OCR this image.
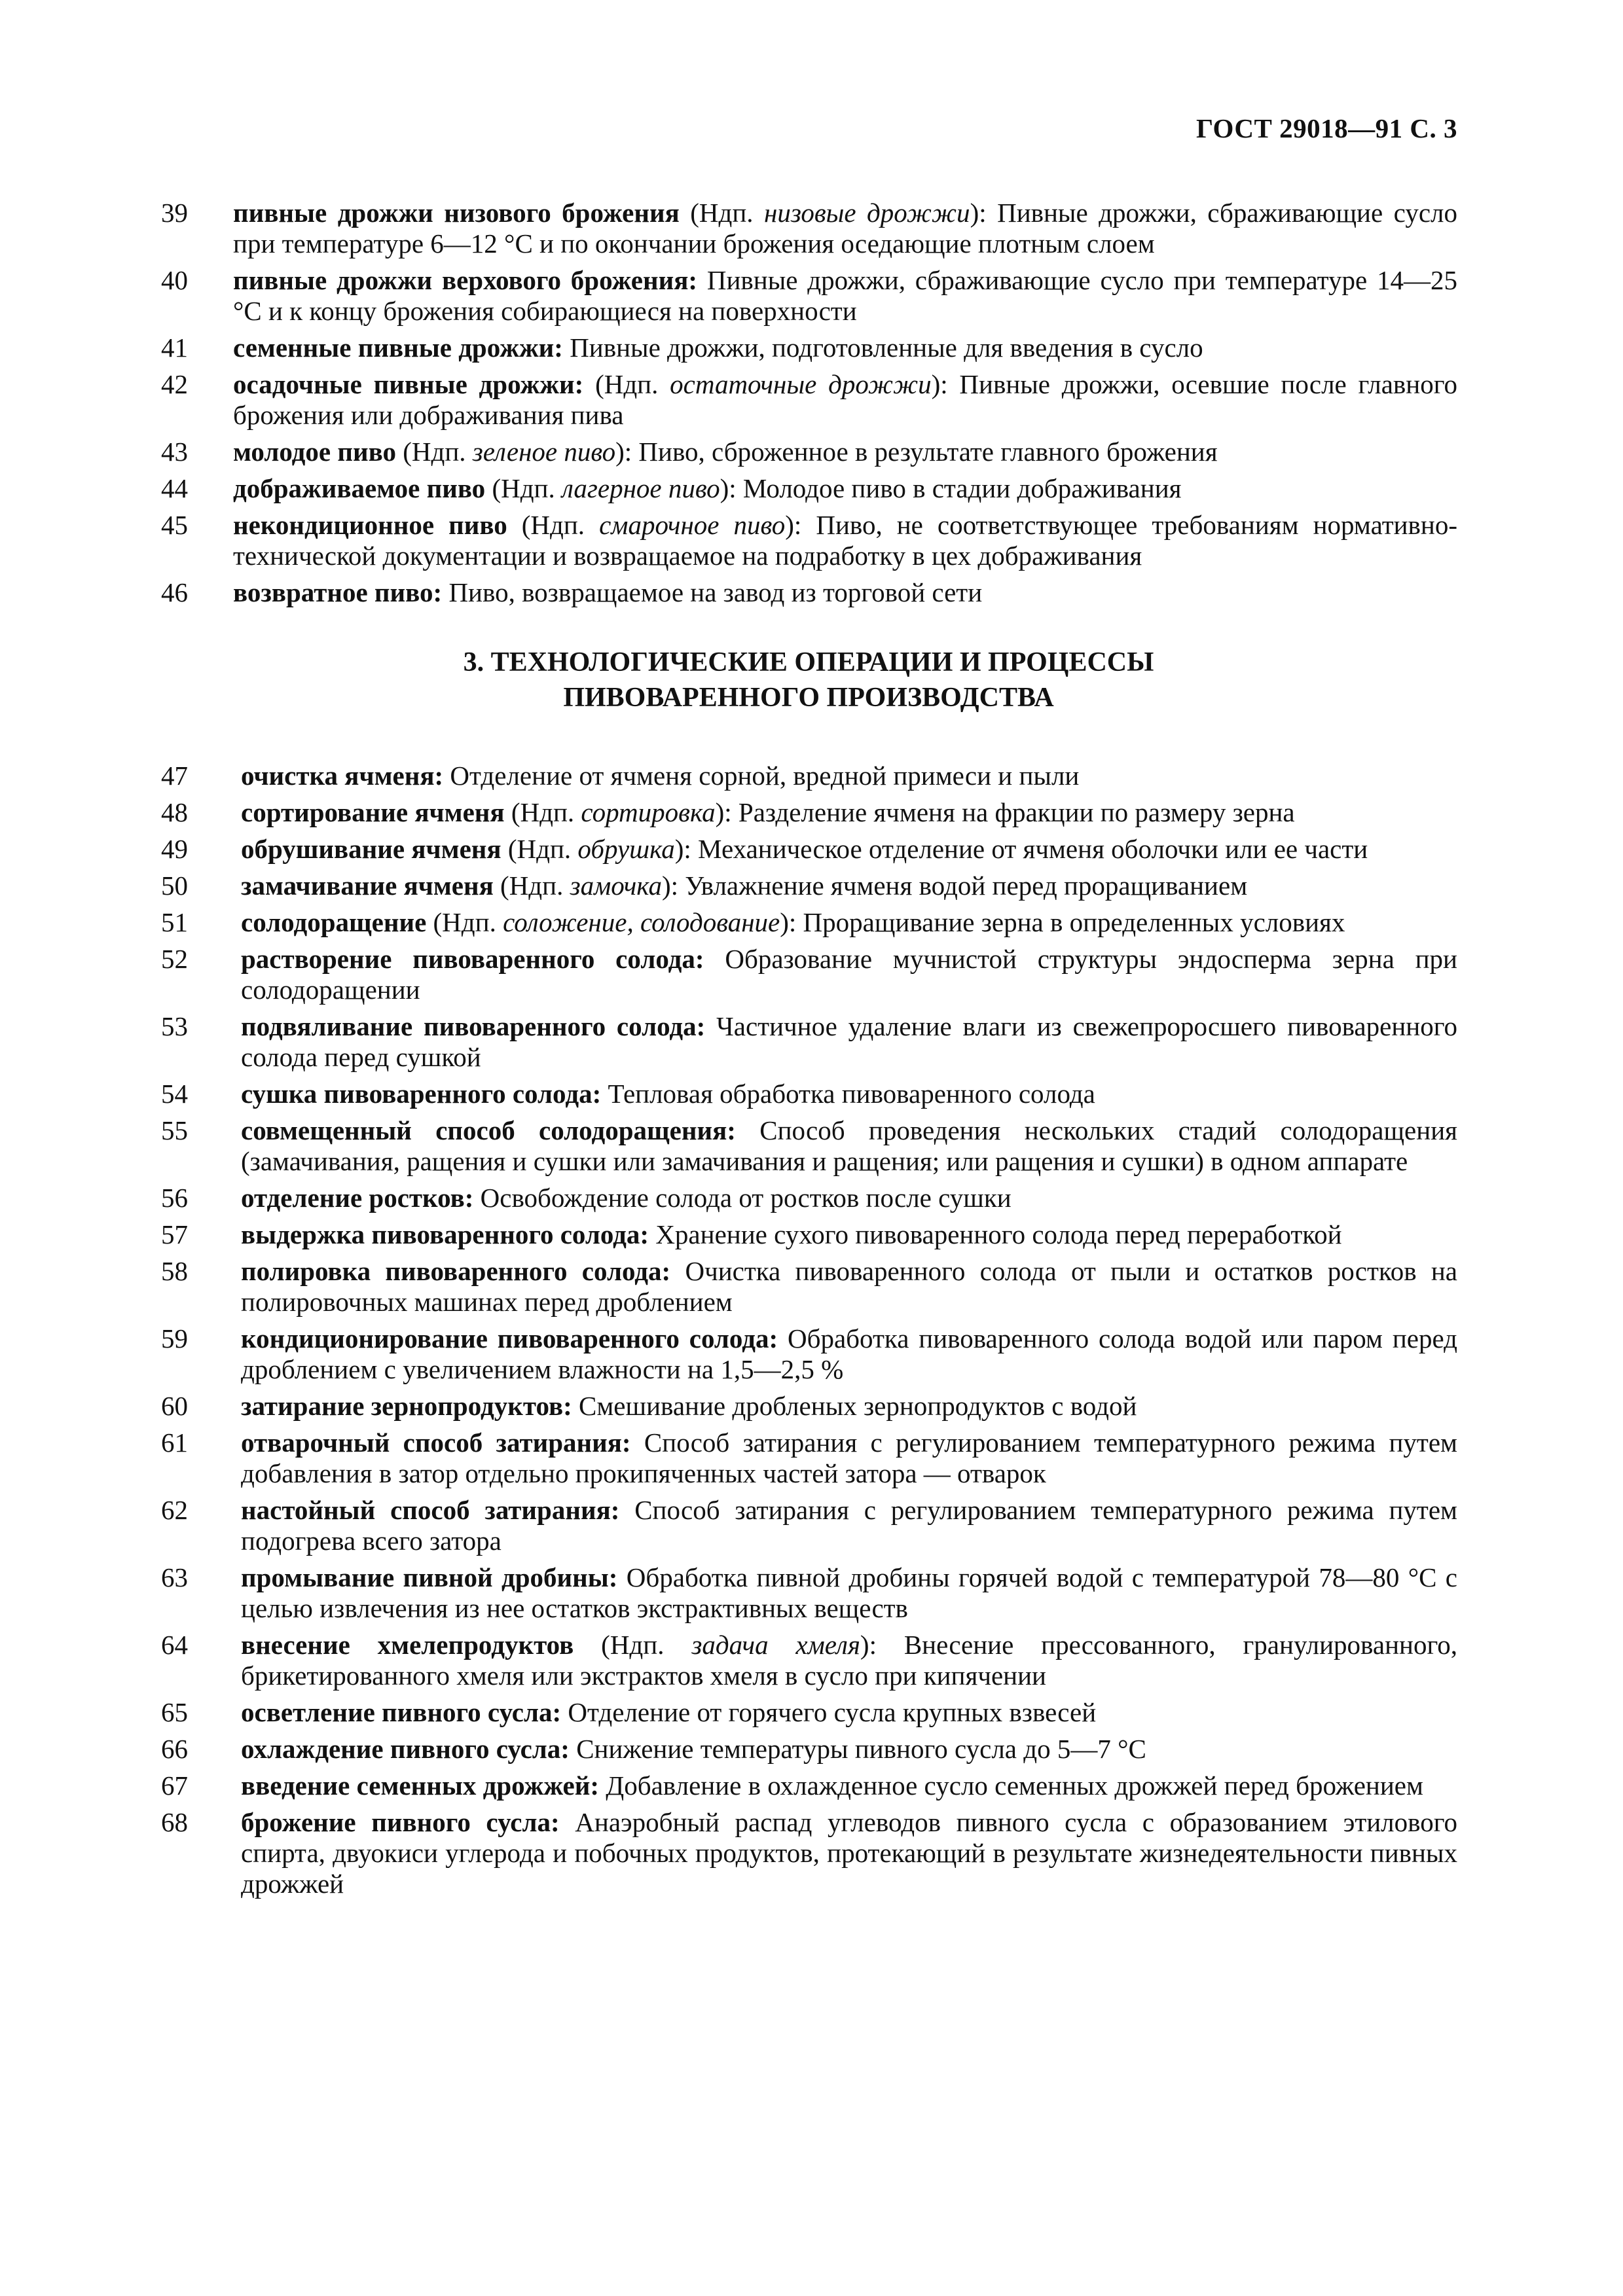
ГОСТ 29018—91 С. 3
39	пивные дрожжи низового брожения (Ндп. низовые дрожжи): Пивные дрожжи, сбраживающие сусло при температуре 6—12 °С и по окончании брожения оседающие плотным слоем
40	пивные дрожжи верхового брожения: Пивные дрожжи, сбраживающие сусло при температуре 14—25 °С и к концу брожения собирающиеся на поверхности
41	семенные пивные дрожжи: Пивные дрожжи, подготовленные для введения в сусло
42	осадочные пивные дрожжи: (Ндп. остаточные дрожжи): Пивные дрожжи, осевшие после главного брожения или дображивания пива
43	молодое пиво (Ндп. зеленое пиво): Пиво, сброженное в результате главного брожения
44	дображиваемое пиво (Ндп. лагерное пиво): Молодое пиво в стадии дображивания
45	некондиционное пиво (Ндп. смарочное пиво): Пиво, не соответствующее требованиям нормативно-технической документации и возвращаемое на подработку в цех дображивания
46	возвратное пиво: Пиво, возвращаемое на завод из торговой сети
3. ТЕХНОЛОГИЧЕСКИЕ ОПЕРАЦИИ И ПРОЦЕССЫ
ПИВОВАРЕННОГО ПРОИЗВОДСТВА
47	очистка ячменя: Отделение от ячменя сорной, вредной примеси и пыли
48	сортирование ячменя (Ндп. сортировка): Разделение ячменя на фракции по размеру зерна
49	обрушивание ячменя (Ндп. обрушка): Механическое отделение от ячменя оболочки или ее части
50	замачивание ячменя (Ндп. замочка): Увлажнение ячменя водой перед проращиванием
51	солодоращение (Ндп. соложение, солодование): Проращивание зерна в определенных условиях
52	растворение пивоваренного солода: Образование мучнистой структуры эндосперма зерна при солодоращении
53	подвяливание пивоваренного солода: Частичное удаление влаги из свежепроросшего пивоваренного солода перед сушкой
54	сушка пивоваренного солода: Тепловая обработка пивоваренного солода
55	совмещенный способ солодоращения: Способ проведения нескольких стадий солодоращения (замачивания, ращения и сушки или замачивания и ращения; или ращения и сушки) в одном аппарате
56	отделение ростков: Освобождение солода от ростков после сушки
57	выдержка пивоваренного солода: Хранение сухого пивоваренного солода перед переработкой
58	полировка пивоваренного солода: Очистка пивоваренного солода от пыли и остатков ростков на полировочных машинах перед дроблением
59	кондиционирование пивоваренного солода: Обработка пивоваренного солода водой или паром перед дроблением с увеличением влажности на 1,5—2,5 %
60	затирание зернопродуктов: Смешивание дробленых зернопродуктов с водой
61	отварочный способ затирания: Способ затирания с регулированием температурного режима путем добавления в затор отдельно прокипяченных частей затора — отварок
62	настойный способ затирания: Способ затирания с регулированием температурного режима путем подогрева всего затора
63	промывание пивной дробины: Обработка пивной дробины горячей водой с температурой 78—80 °С с целью извлечения из нее остатков экстрактивных веществ
64	внесение хмелепродуктов (Ндп. задача хмеля): Внесение прессованного, гранулированного, брикетированного хмеля или экстрактов хмеля в сусло при кипячении
65	осветление пивного сусла: Отделение от горячего сусла крупных взвесей
66	охлаждение пивного сусла: Снижение температуры пивного сусла до 5—7 °С
67	введение семенных дрожжей: Добавление в охлажденное сусло семенных дрожжей перед брожением
68	брожение пивного сусла: Анаэробный распад углеводов пивного сусла с образованием этилового спирта, двуокиси углерода и побочных продуктов, протекающий в результате жизнедеятельности пивных дрожжей
